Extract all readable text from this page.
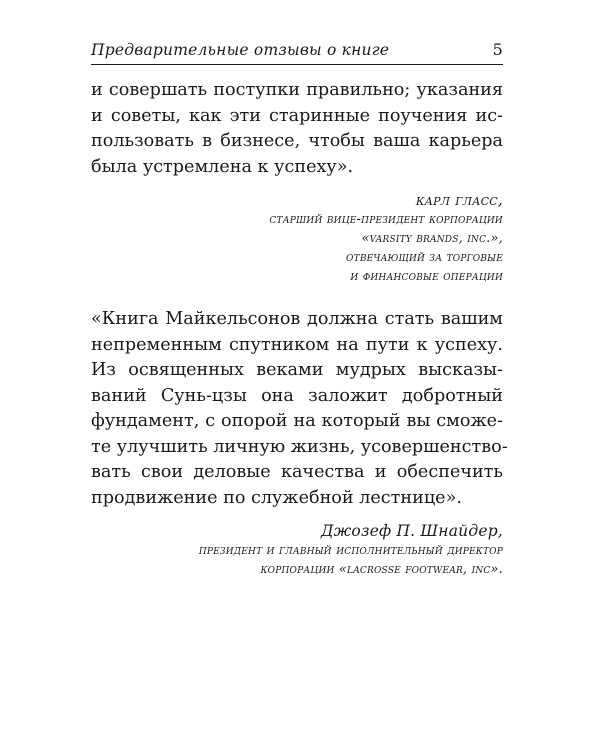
Предварительные отзывы о книге	5

и совершать поступки правильно; указания
и советы, как эти старинные поучения ис-
пользовать в бизнесе, чтобы ваша карьера
была устремлена к успеху».

карл гласс,
старший вице-президент корпорации
«varsity brands, inc.»,
отвечающий за торговые
и финансовые операции

«Книга Майкельсонов должна стать вашим
непременным спутником на пути к успеху.
Из освященных веками мудрых высказы-
ваний Сунь-цзы она заложит добротный
фундамент, с опорой на который вы сможе-
те улучшить личную жизнь, усовершенство-
вать свои деловые качества и обеспечить
продвижение по служебной лестнице».

Джозеф П. Шнайдер,
президент и главный исполнительный директор
корпорации «lacrosse footwear, inc».
